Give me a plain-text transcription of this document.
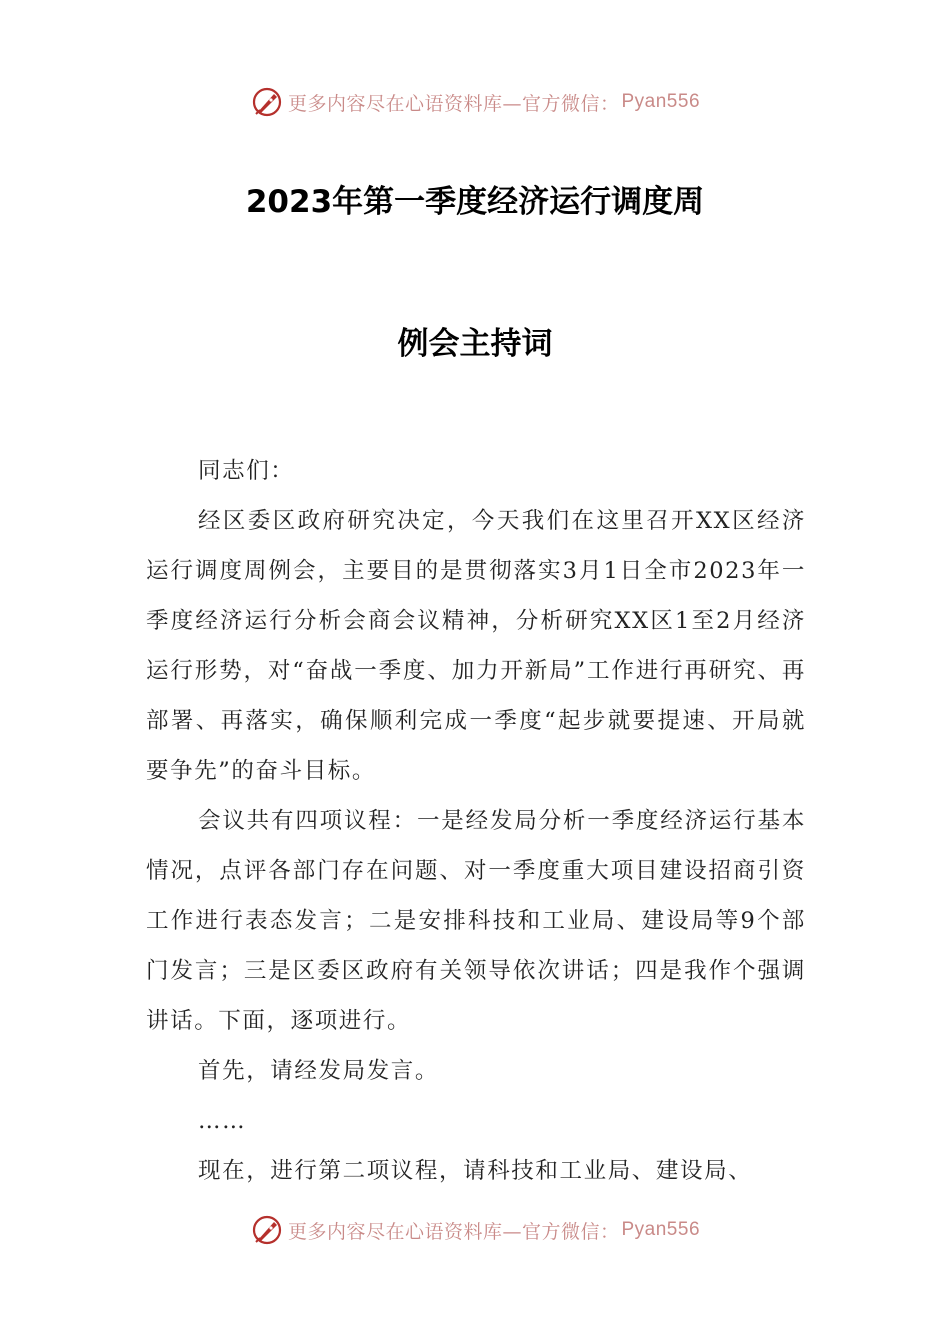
更多内容尽在心语资料库—官方微信： Pyan556
2023年第一季度经济运行调度周
例会主持词

同志们：

经区委区政府研究决定，今天我们在这里召开XX区经济运行调度周例会，主要目的是贯彻落实3月1日全市2023年一季度经济运行分析会商会议精神，分析研究XX区1至2月经济运行形势，对“奋战一季度、加力开新局”工作进行再研究、再部署、再落实，确保顺利完成一季度“起步就要提速、开局就要争先”的奋斗目标。

会议共有四项议程：一是经发局分析一季度经济运行基本情况，点评各部门存在问题、对一季度重大项目建设招商引资工作进行表态发言；二是安排科技和工业局、建设局等9个部门发言；三是区委区政府有关领导依次讲话；四是我作个强调讲话。下面，逐项进行。

首先，请经发局发言。

……

现在，进行第二项议程，请科技和工业局、建设局、

更多内容尽在心语资料库—官方微信： Pyan556
